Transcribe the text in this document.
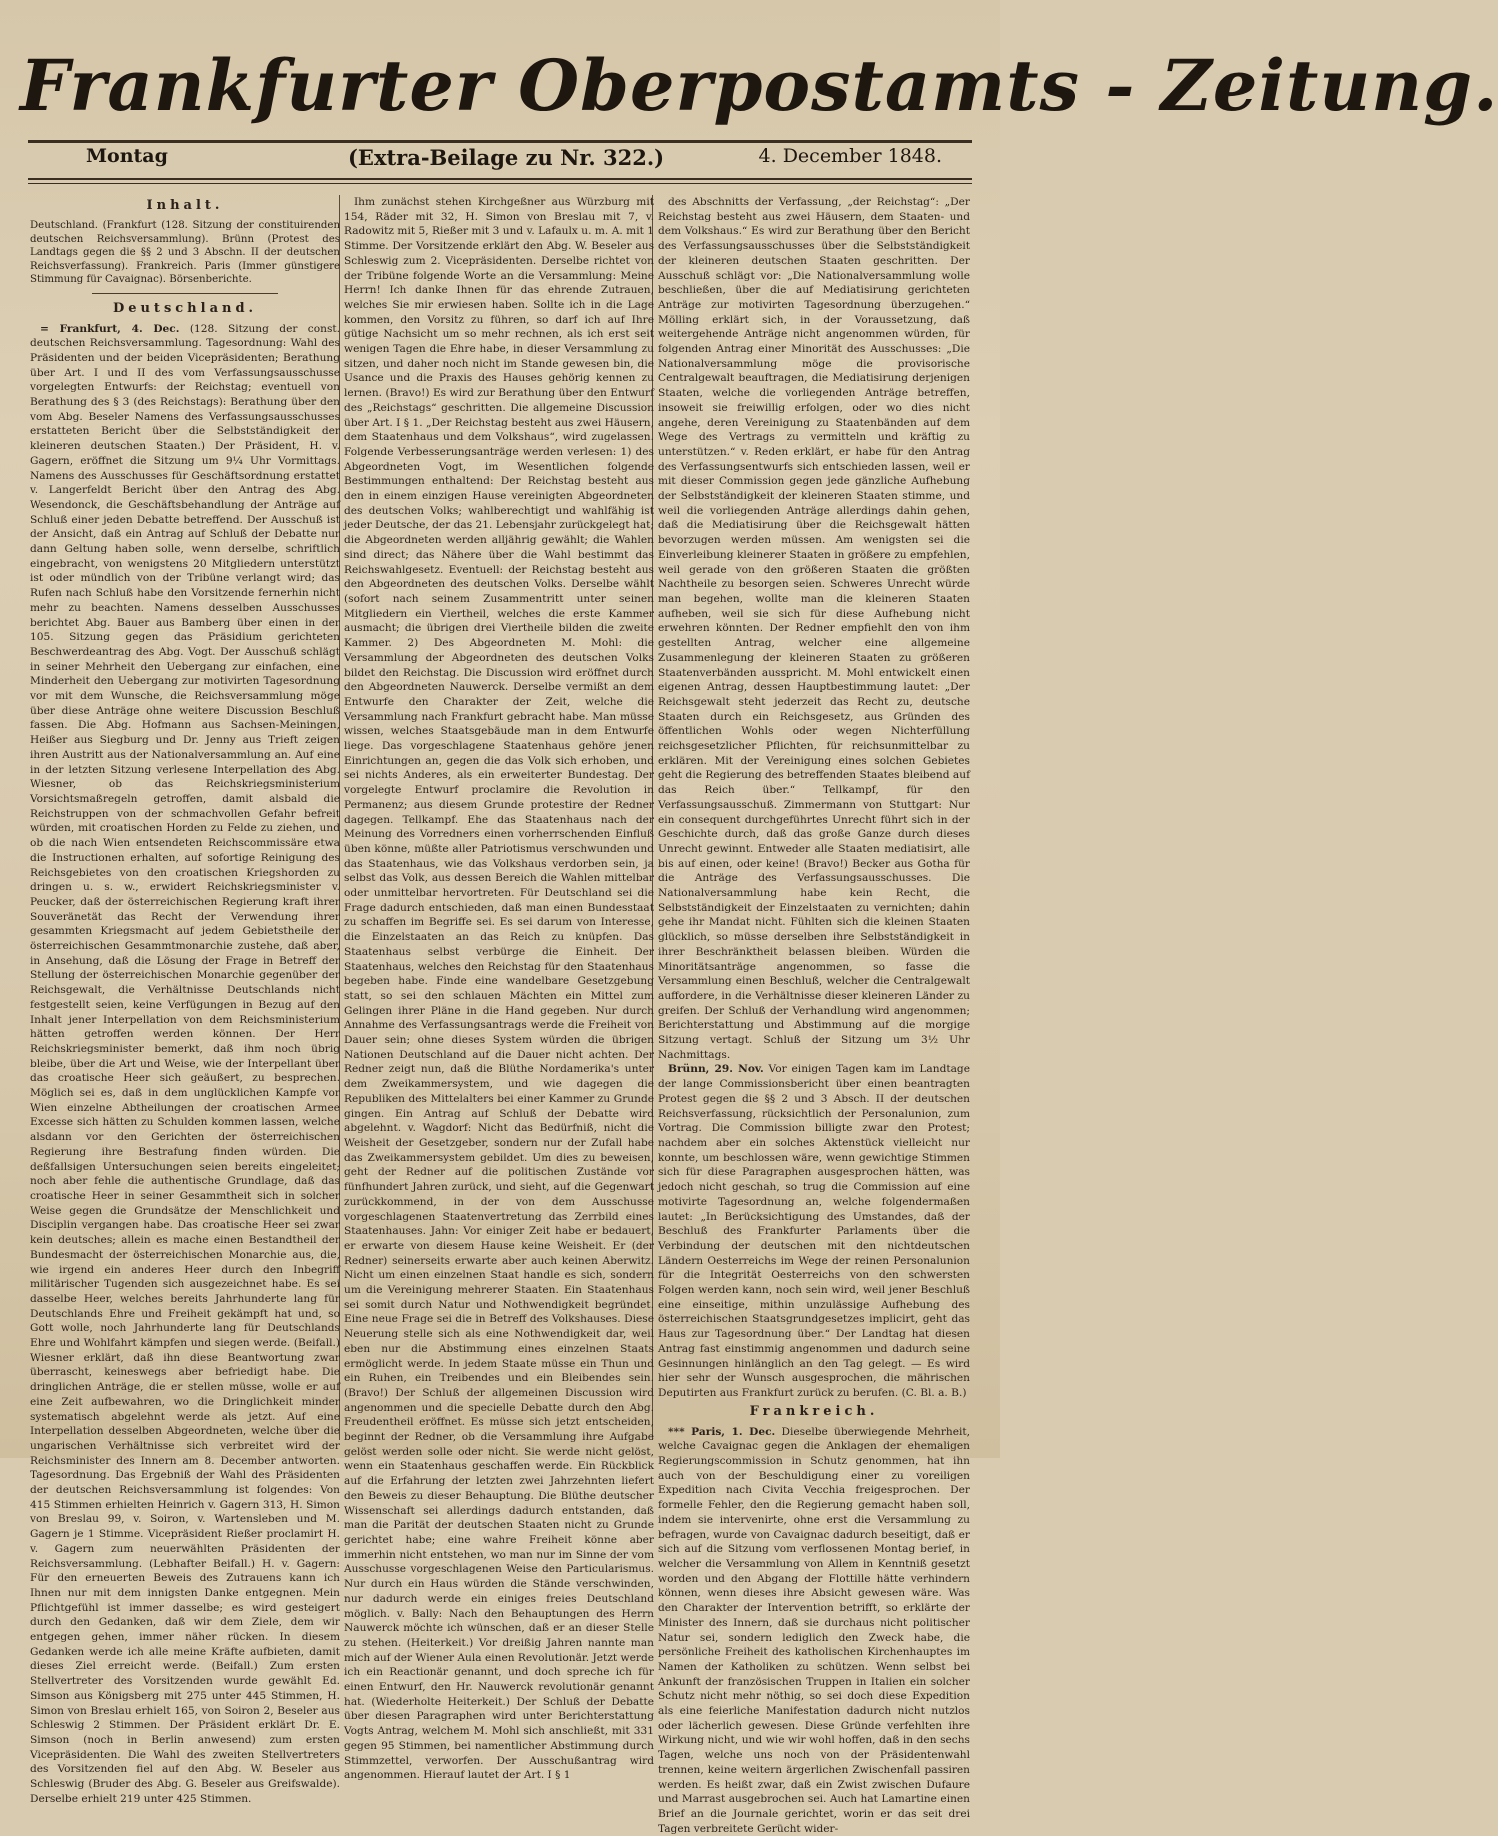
Frankfurter Oberpostamts - Zeitung.
Montag	(Extra-Beilage zu Nr. 322.)	4. December 1848.
Inhalt.
Deutschland. (Frankfurt (128. Sitzung der constituirenden deutschen Reichsversammlung). Brünn (Protest des Landtags gegen die §§ 2 und 3 Abschn. II der deutschen Reichsverfassung). Frankreich. Paris (Immer günstigere Stimmung für Cavaignac). Börsenberichte.
Deutschland.

= Frankfurt, 4. Dec. (128. Sitzung der const. deutschen Reichsversammlung. Tagesordnung: Wahl des Präsidenten und der beiden Vicepräsidenten; Berathung über Art. I und II des vom Verfassungsausschusse vorgelegten Entwurfs: der Reichstag; eventuell von Berathung des § 3 (des Reichstags): Berathung über den vom Abg. Beseler Namens des Verfassungsausschusses erstatteten Bericht über die Selbstständigkeit der kleineren deutschen Staaten.) Der Präsident, H. v. Gagern, eröffnet die Sitzung um 9¼ Uhr Vormittags. Namens des Ausschusses für Geschäftsordnung erstattet v. Langerfeldt Bericht über den Antrag des Abg. Wesendonck, die Geschäftsbehandlung der Anträge auf Schluß einer jeden Debatte betreffend. Der Ausschuß ist der Ansicht, daß ein Antrag auf Schluß der Debatte nur dann Geltung haben solle, wenn derselbe, schriftlich eingebracht, von wenigstens 20 Mitgliedern unterstützt ist oder mündlich von der Tribüne verlangt wird; das Rufen nach Schluß habe den Vorsitzende fernerhin nicht mehr zu beachten. Namens desselben Ausschusses berichtet Abg. Bauer aus Bamberg über einen in der 105. Sitzung gegen das Präsidium gerichteten Beschwerdeantrag des Abg. Vogt. Der Ausschuß schlägt in seiner Mehrheit den Uebergang zur einfachen, eine Minderheit den Uebergang zur motivirten Tagesordnung vor mit dem Wunsche, die Reichsversammlung möge über diese Anträge ohne weitere Discussion Beschluß fassen. Die Abg. Hofmann aus Sachsen-Meiningen, Heißer aus Siegburg und Dr. Jenny aus Trieft zeigen ihren Austritt aus der Nationalversammlung an. Auf eine in der letzten Sitzung verlesene Interpellation des Abg. Wiesner, ob das Reichskriegsministerium Vorsichtsmaßregeln getroffen, damit alsbald die Reichstruppen von der schmachvollen Gefahr befreit würden, mit croatischen Horden zu Felde zu ziehen, und ob die nach Wien entsendeten Reichscommissäre etwa die Instructionen erhalten, auf sofortige Reinigung des Reichsgebietes von den croatischen Kriegshorden zu dringen u. s. w., erwidert Reichskriegsminister v. Peucker, daß der österreichischen Regierung kraft ihrer Souveränetät das Recht der Verwendung ihrer gesammten Kriegsmacht auf jedem Gebietstheile der österreichischen Gesammtmonarchie zustehe, daß aber, in Ansehung, daß die Lösung der Frage in Betreff der Stellung der österreichischen Monarchie gegenüber der Reichsgewalt, die Verhältnisse Deutschlands nicht festgestellt seien, keine Verfügungen in Bezug auf den Inhalt jener Interpellation von dem Reichsministerium hätten getroffen werden können. Der Herr Reichskriegsminister bemerkt, daß ihm noch übrig bleibe, über die Art und Weise, wie der Interpellant über das croatische Heer sich geäußert, zu besprechen. Möglich sei es, daß in dem unglücklichen Kampfe vor Wien einzelne Abtheilungen der croatischen Armee Excesse sich hätten zu Schulden kommen lassen, welche alsdann vor den Gerichten der österreichischen Regierung ihre Bestrafung finden würden. Die deßfallsigen Untersuchungen seien bereits eingeleitet; noch aber fehle die authentische Grundlage, daß das croatische Heer in seiner Gesammtheit sich in solcher Weise gegen die Grundsätze der Menschlichkeit und Disciplin vergangen habe. Das croatische Heer sei zwar kein deutsches; allein es mache einen Bestandtheil der Bundesmacht der österreichischen Monarchie aus, die, wie irgend ein anderes Heer durch den Inbegriff militärischer Tugenden sich ausgezeichnet habe. Es sei dasselbe Heer, welches bereits Jahrhunderte lang für Deutschlands Ehre und Freiheit gekämpft hat und, so Gott wolle, noch Jahrhunderte lang für Deutschlands Ehre und Wohlfahrt kämpfen und siegen werde. (Beifall.) Wiesner erklärt, daß ihn diese Beantwortung zwar überrascht, keineswegs aber befriedigt habe. Die dringlichen Anträge, die er stellen müsse, wolle er auf eine Zeit aufbewahren, wo die Dringlichkeit minder systematisch abgelehnt werde als jetzt. Auf eine Interpellation desselben Abgeordneten, welche über die ungarischen Verhältnisse sich verbreitet wird der Reichsminister des Innern am 8. December antworten. Tagesordnung. Das Ergebniß der Wahl des Präsidenten der deutschen Reichsversammlung ist folgendes: Von 415 Stimmen erhielten Heinrich v. Gagern 313, H. Simon von Breslau 99, v. Soiron, v. Wartensleben und M. Gagern je 1 Stimme. Vicepräsident Rießer proclamirt H. v. Gagern zum neuerwählten Präsidenten der Reichsversammlung. (Lebhafter Beifall.) H. v. Gagern: Für den erneuerten Beweis des Zutrauens kann ich Ihnen nur mit dem innigsten Danke entgegnen. Mein Pflichtgefühl ist immer dasselbe; es wird gesteigert durch den Gedanken, daß wir dem Ziele, dem wir entgegen gehen, immer näher rücken. In diesem Gedanken werde ich alle meine Kräfte aufbieten, damit dieses Ziel erreicht werde. (Beifall.) Zum ersten Stellvertreter des Vorsitzenden wurde gewählt Ed. Simson aus Königsberg mit 275 unter 445 Stimmen, H. Simon von Breslau erhielt 165, von Soiron 2, Beseler aus Schleswig 2 Stimmen. Der Präsident erklärt Dr. E. Simson (noch in Berlin anwesend) zum ersten Vicepräsidenten. Die Wahl des zweiten Stellvertreters des Vorsitzenden fiel auf den Abg. W. Beseler aus Schleswig (Bruder des Abg. G. Beseler aus Greifswalde). Derselbe erhielt 219 unter 425 Stimmen.

Ihm zunächst stehen Kirchgeßner aus Würzburg mit 154, Räder mit 32, H. Simon von Breslau mit 7, v. Radowitz mit 5, Rießer mit 3 und v. Lafaulx u. m. A. mit 1 Stimme. Der Vorsitzende erklärt den Abg. W. Beseler aus Schleswig zum 2. Vicepräsidenten. Derselbe richtet von der Tribüne folgende Worte an die Versammlung: Meine Herrn! Ich danke Ihnen für das ehrende Zutrauen, welches Sie mir erwiesen haben. Sollte ich in die Lage kommen, den Vorsitz zu führen, so darf ich auf Ihre gütige Nachsicht um so mehr rechnen, als ich erst seit wenigen Tagen die Ehre habe, in dieser Versammlung zu sitzen, und daher noch nicht im Stande gewesen bin, die Usance und die Praxis des Hauses gehörig kennen zu lernen. (Bravo!) Es wird zur Berathung über den Entwurf des „Reichstags“ geschritten. Die allgemeine Discussion über Art. I § 1. „Der Reichstag besteht aus zwei Häusern, dem Staatenhaus und dem Volkshaus“, wird zugelassen. Folgende Verbesserungsanträge werden verlesen: 1) des Abgeordneten Vogt, im Wesentlichen folgende Bestimmungen enthaltend: Der Reichstag besteht aus den in einem einzigen Hause vereinigten Abgeordneten des deutschen Volks; wahlberechtigt und wahlfähig ist jeder Deutsche, der das 21. Lebensjahr zurückgelegt hat; die Abgeordneten werden alljährig gewählt; die Wahlen sind direct; das Nähere über die Wahl bestimmt das Reichswahlgesetz. Eventuell: der Reichstag besteht aus den Abgeordneten des deutschen Volks. Derselbe wählt (sofort nach seinem Zusammentritt unter seinen Mitgliedern ein Viertheil, welches die erste Kammer ausmacht; die übrigen drei Viertheile bilden die zweite Kammer. 2) Des Abgeordneten M. Mohl: die Versammlung der Abgeordneten des deutschen Volks bildet den Reichstag. Die Discussion wird eröffnet durch den Abgeordneten Nauwerck. Derselbe vermißt an dem Entwurfe den Charakter der Zeit, welche die Versammlung nach Frankfurt gebracht habe. Man müsse wissen, welches Staatsgebäude man in dem Entwurfe liege. Das vorgeschlagene Staatenhaus gehöre jenen Einrichtungen an, gegen die das Volk sich erhoben, und sei nichts Anderes, als ein erweiterter Bundestag. Der vorgelegte Entwurf proclamire die Revolution in Permanenz; aus diesem Grunde protestire der Redner dagegen. Tellkampf. Ehe das Staatenhaus nach der Meinung des Vorredners einen vorherrschenden Einfluß üben könne, müßte aller Patriotismus verschwunden und das Staatenhaus, wie das Volkshaus verdorben sein, ja selbst das Volk, aus dessen Bereich die Wahlen mittelbar oder unmittelbar hervortreten. Für Deutschland sei die Frage dadurch entschieden, daß man einen Bundesstaat zu schaffen im Begriffe sei. Es sei darum von Interesse, die Einzelstaaten an das Reich zu knüpfen. Das Staatenhaus selbst verbürge die Einheit. Der Staatenhaus, welches den Reichstag für den Staatenhaus begeben habe. Finde eine wandelbare Gesetzgebung statt, so sei den schlauen Mächten ein Mittel zum Gelingen ihrer Pläne in die Hand gegeben. Nur durch Annahme des Verfassungsantrags werde die Freiheit von Dauer sein; ohne dieses System würden die übrigen Nationen Deutschland auf die Dauer nicht achten. Der Redner zeigt nun, daß die Blüthe Nordamerika's unter dem Zweikammersystem, und wie dagegen die Republiken des Mittelalters bei einer Kammer zu Grunde gingen. Ein Antrag auf Schluß der Debatte wird abgelehnt. v. Wagdorf: Nicht das Bedürfniß, nicht die Weisheit der Gesetzgeber, sondern nur der Zufall habe das Zweikammersystem gebildet. Um dies zu beweisen, geht der Redner auf die politischen Zustände vor fünfhundert Jahren zurück, und sieht, auf die Gegenwart zurückkommend, in der von dem Ausschusse vorgeschlagenen Staatenvertretung das Zerrbild eines Staatenhauses. Jahn: Vor einiger Zeit habe er bedauert, er erwarte von diesem Hause keine Weisheit. Er (der Redner) seinerseits erwarte aber auch keinen Aberwitz. Nicht um einen einzelnen Staat handle es sich, sondern um die Vereinigung mehrerer Staaten. Ein Staatenhaus sei somit durch Natur und Nothwendigkeit begründet. Eine neue Frage sei die in Betreff des Volkshauses. Diese Neuerung stelle sich als eine Nothwendigkeit dar, weil eben nur die Abstimmung eines einzelnen Staats ermöglicht werde. In jedem Staate müsse ein Thun und ein Ruhen, ein Treibendes und ein Bleibendes sein. (Bravo!) Der Schluß der allgemeinen Discussion wird angenommen und die specielle Debatte durch den Abg. Freudentheil eröffnet. Es müsse sich jetzt entscheiden, beginnt der Redner, ob die Versammlung ihre Aufgabe gelöst werden solle oder nicht. Sie werde nicht gelöst, wenn ein Staatenhaus geschaffen werde. Ein Rückblick auf die Erfahrung der letzten zwei Jahrzehnten liefert den Beweis zu dieser Behauptung. Die Blüthe deutscher Wissenschaft sei allerdings dadurch entstanden, daß man die Parität der deutschen Staaten nicht zu Grunde gerichtet habe; eine wahre Freiheit könne aber immerhin nicht entstehen, wo man nur im Sinne der vom Ausschusse vorgeschlagenen Weise den Particularismus. Nur durch ein Haus würden die Stände verschwinden, nur dadurch werde ein einiges freies Deutschland möglich. v. Bally: Nach den Behauptungen des Herrn Nauwerck möchte ich wünschen, daß er an dieser Stelle zu stehen. (Heiterkeit.) Vor dreißig Jahren nannte man mich auf der Wiener Aula einen Revolutionär. Jetzt werde ich ein Reactionär genannt, und doch spreche ich für einen Entwurf, den Hr. Nauwerck revolutionär genannt hat. (Wiederholte Heiterkeit.) Der Schluß der Debatte über diesen Paragraphen wird unter Berichterstattung Vogts Antrag, welchem M. Mohl sich anschließt, mit 331 gegen 95 Stimmen, bei namentlicher Abstimmung durch Stimmzettel, verworfen. Der Ausschußantrag wird angenommen. Hierauf lautet der Art. I § 1

des Abschnitts der Verfassung, „der Reichstag“: „Der Reichstag besteht aus zwei Häusern, dem Staaten- und dem Volkshaus.“ Es wird zur Berathung über den Bericht des Verfassungsausschusses über die Selbstständigkeit der kleineren deutschen Staaten geschritten. Der Ausschuß schlägt vor: „Die Nationalversammlung wolle beschließen, über die auf Mediatisirung gerichteten Anträge zur motivirten Tagesordnung überzugehen.“ Mölling erklärt sich, in der Voraussetzung, daß weitergehende Anträge nicht angenommen würden, für folgenden Antrag einer Minorität des Ausschusses: „Die Nationalversammlung möge die provisorische Centralgewalt beauftragen, die Mediatisirung derjenigen Staaten, welche die vorliegenden Anträge betreffen, insoweit sie freiwillig erfolgen, oder wo dies nicht angehe, deren Vereinigung zu Staatenbänden auf dem Wege des Vertrags zu vermitteln und kräftig zu unterstützen.“ v. Reden erklärt, er habe für den Antrag des Verfassungsentwurfs sich entschieden lassen, weil er mit dieser Commission gegen jede gänzliche Aufhebung der Selbstständigkeit der kleineren Staaten stimme, und weil die vorliegenden Anträge allerdings dahin gehen, daß die Mediatisirung über die Reichsgewalt hätten bevorzugen werden müssen. Am wenigsten sei die Einverleibung kleinerer Staaten in größere zu empfehlen, weil gerade von den größeren Staaten die größten Nachtheile zu besorgen seien. Schweres Unrecht würde man begehen, wollte man die kleineren Staaten aufheben, weil sie sich für diese Aufhebung nicht erwehren könnten. Der Redner empfiehlt den von ihm gestellten Antrag, welcher eine allgemeine Zusammenlegung der kleineren Staaten zu größeren Staatenverbänden ausspricht. M. Mohl entwickelt einen eigenen Antrag, dessen Hauptbestimmung lautet: „Der Reichsgewalt steht jederzeit das Recht zu, deutsche Staaten durch ein Reichsgesetz, aus Gründen des öffentlichen Wohls oder wegen Nichterfüllung reichsgesetzlicher Pflichten, für reichsunmittelbar zu erklären. Mit der Vereinigung eines solchen Gebietes geht die Regierung des betreffenden Staates bleibend auf das Reich über.“ Tellkampf, für den Verfassungsausschuß. Zimmermann von Stuttgart: Nur ein consequent durchgeführtes Unrecht führt sich in der Geschichte durch, daß das große Ganze durch dieses Unrecht gewinnt. Entweder alle Staaten mediatisirt, alle bis auf einen, oder keine! (Bravo!) Becker aus Gotha für die Anträge des Verfassungsausschusses. Die Nationalversammlung habe kein Recht, die Selbstständigkeit der Einzelstaaten zu vernichten; dahin gehe ihr Mandat nicht. Fühlten sich die kleinen Staaten glücklich, so müsse derselben ihre Selbstständigkeit in ihrer Beschränktheit belassen bleiben. Würden die Minoritätsanträge angenommen, so fasse die Versammlung einen Beschluß, welcher die Centralgewalt auffordere, in die Verhältnisse dieser kleineren Länder zu greifen. Der Schluß der Verhandlung wird angenommen; Berichterstattung und Abstimmung auf die morgige Sitzung vertagt. Schluß der Sitzung um 3½ Uhr Nachmittags.

Brünn, 29. Nov. Vor einigen Tagen kam im Landtage der lange Commissionsbericht über einen beantragten Protest gegen die §§ 2 und 3 Absch. II der deutschen Reichsverfassung, rücksichtlich der Personalunion, zum Vortrag. Die Commission billigte zwar den Protest; nachdem aber ein solches Aktenstück vielleicht nur konnte, um beschlossen wäre, wenn gewichtige Stimmen sich für diese Paragraphen ausgesprochen hätten, was jedoch nicht geschah, so trug die Commission auf eine motivirte Tagesordnung an, welche folgendermaßen lautet: „In Berücksichtigung des Umstandes, daß der Beschluß des Frankfurter Parlaments über die Verbindung der deutschen mit den nichtdeutschen Ländern Oesterreichs im Wege der reinen Personalunion für die Integrität Oesterreichs von den schwersten Folgen werden kann, noch sein wird, weil jener Beschluß eine einseitige, mithin unzulässige Aufhebung des österreichischen Staatsgrundgesetzes implicirt, geht das Haus zur Tagesordnung über.“ Der Landtag hat diesen Antrag fast einstimmig angenommen und dadurch seine Gesinnungen hinlänglich an den Tag gelegt. — Es wird hier sehr der Wunsch ausgesprochen, die mährischen Deputirten aus Frankfurt zurück zu berufen. (C. Bl. a. B.)

Frankreich.

*** Paris, 1. Dec. Dieselbe überwiegende Mehrheit, welche Cavaignac gegen die Anklagen der ehemaligen Regierungscommission in Schutz genommen, hat ihn auch von der Beschuldigung einer zu voreiligen Expedition nach Civita Vecchia freigesprochen. Der formelle Fehler, den die Regierung gemacht haben soll, indem sie intervenirte, ohne erst die Versammlung zu befragen, wurde von Cavaignac dadurch beseitigt, daß er sich auf die Sitzung vom verflossenen Montag berief, in welcher die Versammlung von Allem in Kenntniß gesetzt worden und den Abgang der Flottille hätte verhindern können, wenn dieses ihre Absicht gewesen wäre. Was den Charakter der Intervention betrifft, so erklärte der Minister des Innern, daß sie durchaus nicht politischer Natur sei, sondern lediglich den Zweck habe, die persönliche Freiheit des katholischen Kirchenhauptes im Namen der Katholiken zu schützen. Wenn selbst bei Ankunft der französischen Truppen in Italien ein solcher Schutz nicht mehr nöthig, so sei doch diese Expedition als eine feierliche Manifestation dadurch nicht nutzlos oder lächerlich gewesen. Diese Gründe verfehlten ihre Wirkung nicht, und wie wir wohl hoffen, daß in den sechs Tagen, welche uns noch von der Präsidentenwahl trennen, keine weitern ärgerlichen Zwischenfall passiren werden. Es heißt zwar, daß ein Zwist zwischen Dufaure und Marrast ausgebrochen sei. Auch hat Lamartine einen Brief an die Journale gerichtet, worin er das seit drei Tagen verbreitete Gerücht wider-
